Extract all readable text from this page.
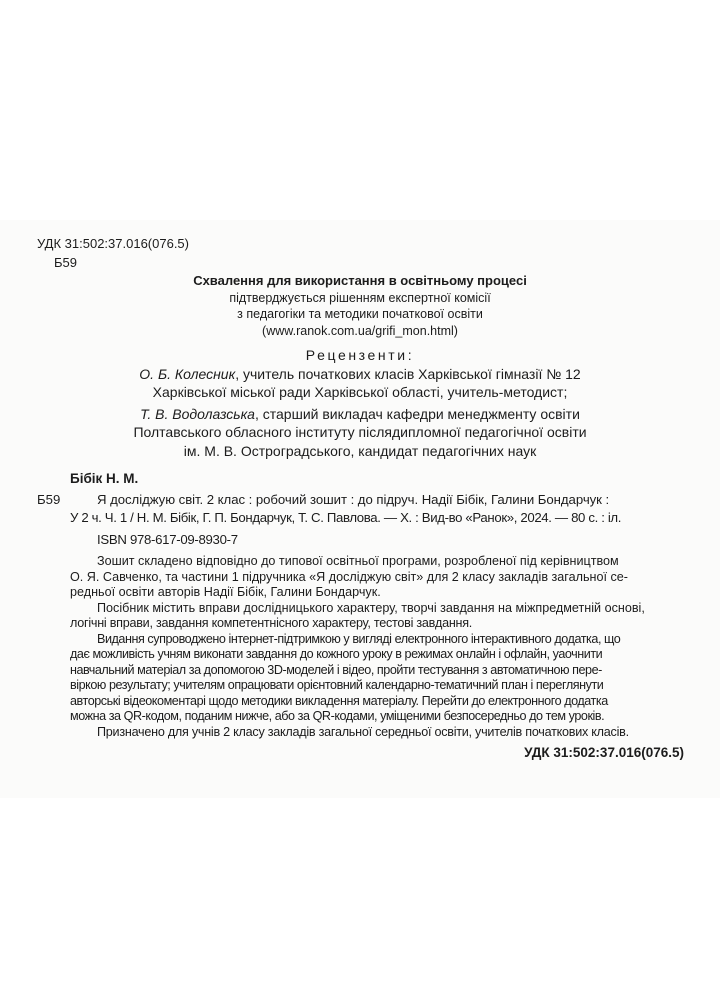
УДК 31:502:37.016(076.5)
Б59
Схвалення для використання в освітньому процесі
підтверджується рішенням експертної комісії
з педагогіки та методики початкової освіти
(www.ranok.com.ua/grifi_mon.html)
Рецензенти:
О. Б. Колесник, учитель початкових класів Харківської гімназії № 12
Харківської міської ради Харківської області, учитель-методист;
Т. В. Водолазська, старший викладач кафедри менеджменту освіти
Полтавського обласного інституту післядипломної педагогічної освіти
ім. М. В. Остроградського, кандидат педагогічних наук
Бібік Н. М.
Б59	Я досліджую світ. 2 клас : робочий зошит : до підруч. Надії Бібік, Галини Бондарчук :
У 2 ч. Ч. 1 / Н. М. Бібік, Г. П. Бондарчук, Т. С. Павлова. — Х. : Вид-во «Ранок», 2024. — 80 с. : іл.
ISBN 978-617-09-8930-7
Зошит складено відповідно до типової освітньої програми, розробленої під керівництвом
О. Я. Савченко, та частини 1 підручника «Я досліджую світ» для 2 класу закладів загальної се-
редньої освіти авторів Надії Бібік, Галини Бондарчук.
Посібник містить вправи дослідницького характеру, творчі завдання на міжпредметній основі,
логічні вправи, завдання компетентнісного характеру, тестові завдання.
Видання супроводжено інтернет-підтримкою у вигляді електронного інтерактивного додатка, що
дає можливість учням виконати завдання до кожного уроку в режимах онлайн і офлайн, уаочнити
навчальний матеріал за допомогою 3D-моделей і відео, пройти тестування з автоматичною пере-
віркою результату; учителям опрацювати орієнтовний календарно-тематичний план і переглянути
авторські відеокоментарі щодо методики викладення матеріалу. Перейти до електронного додатка
можна за QR-кодом, поданим нижче, або за QR-кодами, уміщеними безпосередньо до тем уроків.
Призначено для учнів 2 класу закладів загальної середньої освіти, учителів початкових класів.
УДК 31:502:37.016(076.5)
